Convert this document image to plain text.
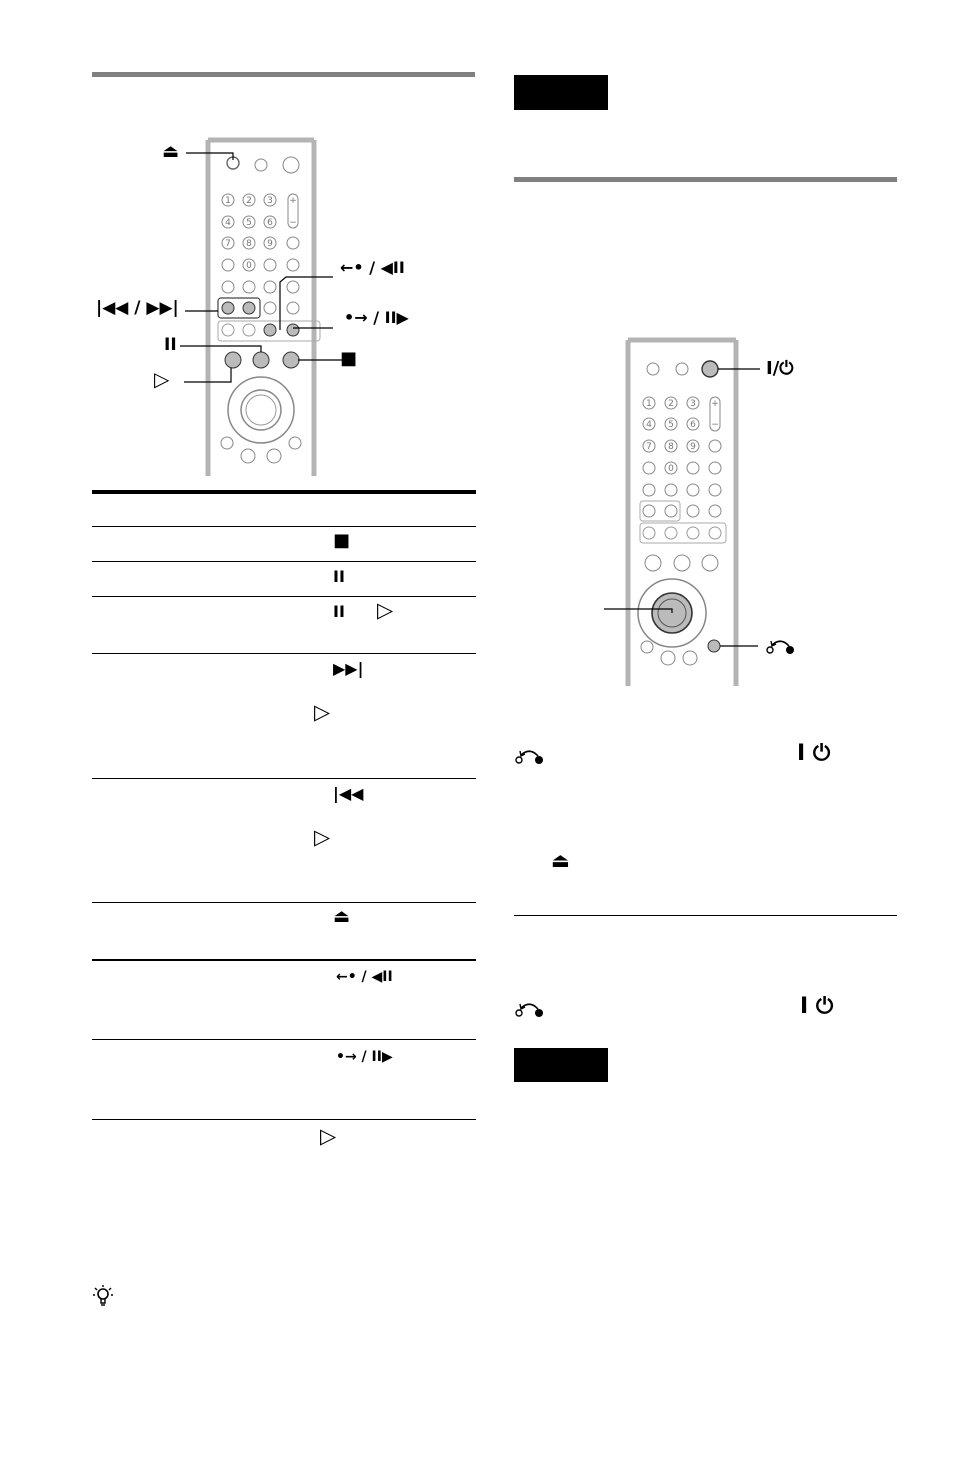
1 2 3
4 5 6
7 8 9
0
+
−
⏏
|◀◀ / ▶▶|
←• / ◀II
•→ / II▶
II
■
▷
■
II
II ▷
▶▶|
▷
|◀◀
▷
⏏
←• / ◀II
•→ / II▶
▷
1 2 3
4 5 6
7 8 9
0
+
−
I/⏻
I ⏻
⏏
I ⏻
